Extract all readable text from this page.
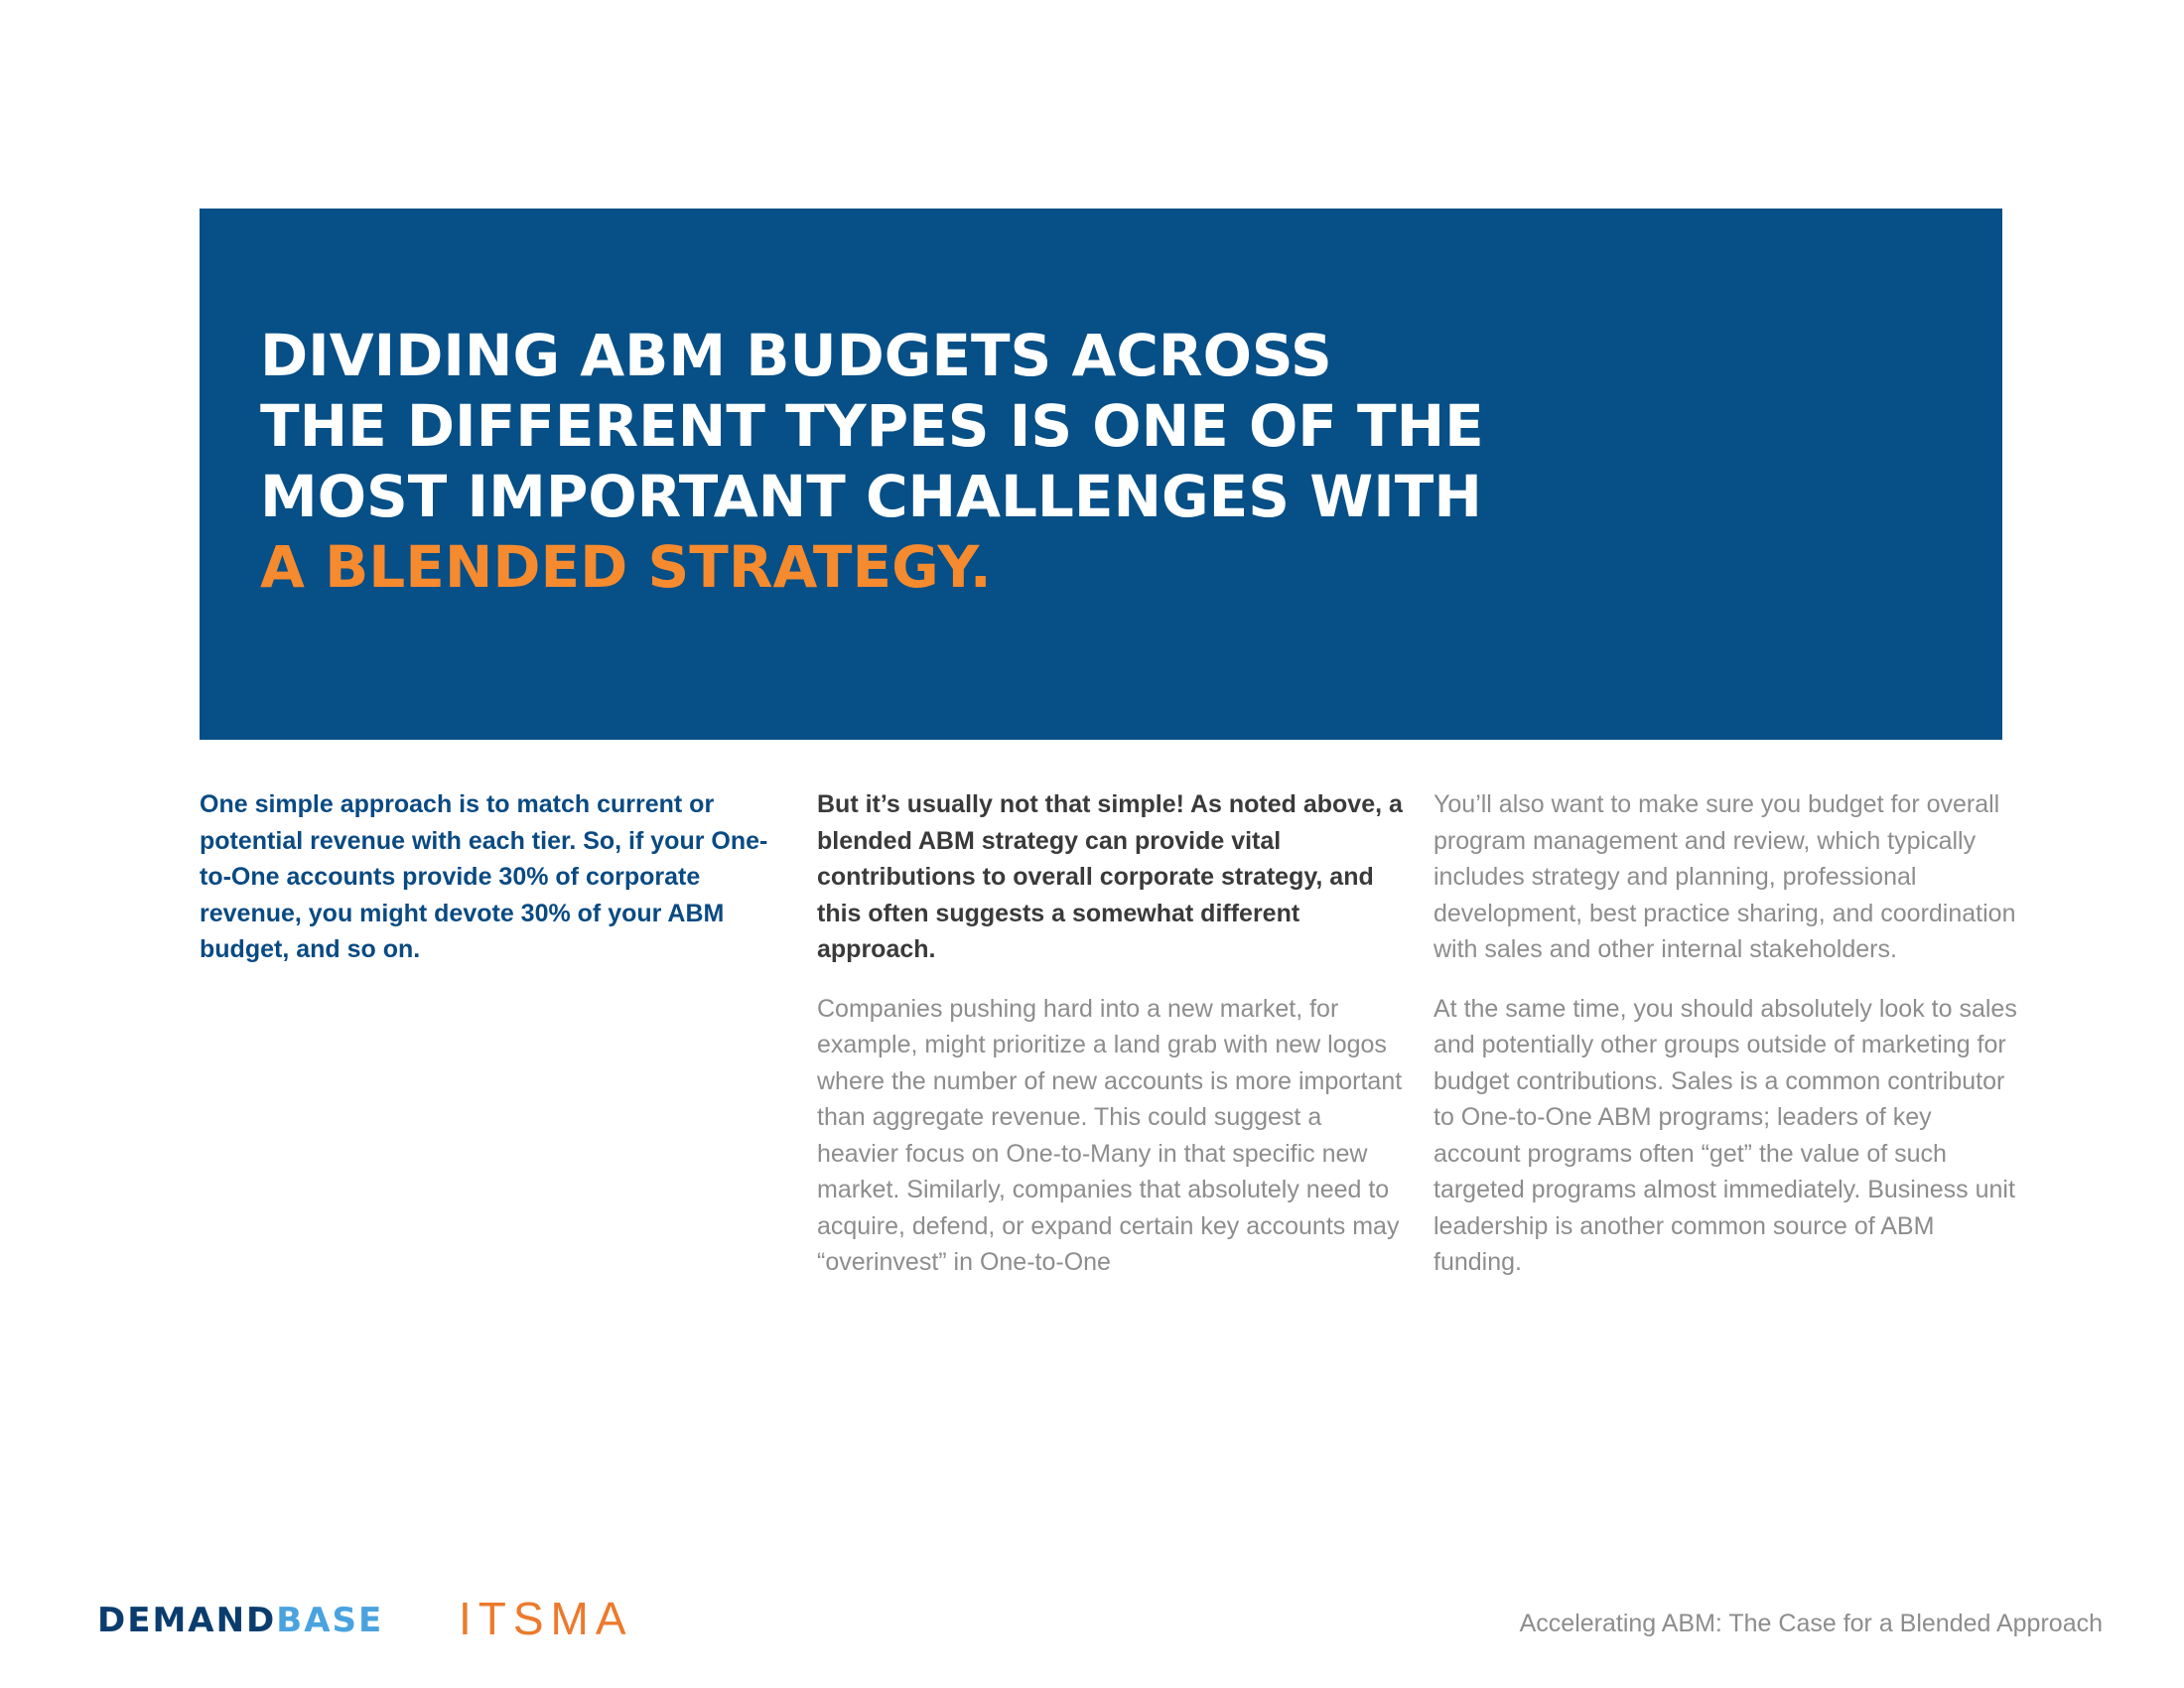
DIVIDING ABM BUDGETS ACROSS
THE DIFFERENT TYPES IS ONE OF THE
MOST IMPORTANT CHALLENGES WITH
A BLENDED STRATEGY.

One simple approach is to match current or potential revenue with each tier. So, if your One-to-One accounts provide 30% of corporate revenue, you might devote 30% of your ABM budget, and so on.

But it’s usually not that simple! As noted above, a blended ABM strategy can provide vital contributions to overall corporate strategy, and this often suggests a somewhat different approach.

Companies pushing hard into a new market, for example, might prioritize a land grab with new logos where the number of new accounts is more important than aggregate revenue. This could suggest a heavier focus on One-to-Many in that specific new market. Similarly, companies that absolutely need to acquire, defend, or expand certain key accounts may “overinvest” in One-to-One

You’ll also want to make sure you budget for overall program management and review, which typically includes strategy and planning, professional development, best practice sharing, and coordination with sales and other internal stakeholders.

At the same time, you should absolutely look to sales and potentially other groups outside of marketing for budget contributions. Sales is a common contributor to One-to-One ABM programs; leaders of key account programs often “get” the value of such targeted programs almost immediately. Business unit leadership is another common source of ABM funding.

DEMANDBASE ITSMA	Accelerating ABM: The Case for a Blended Approach
